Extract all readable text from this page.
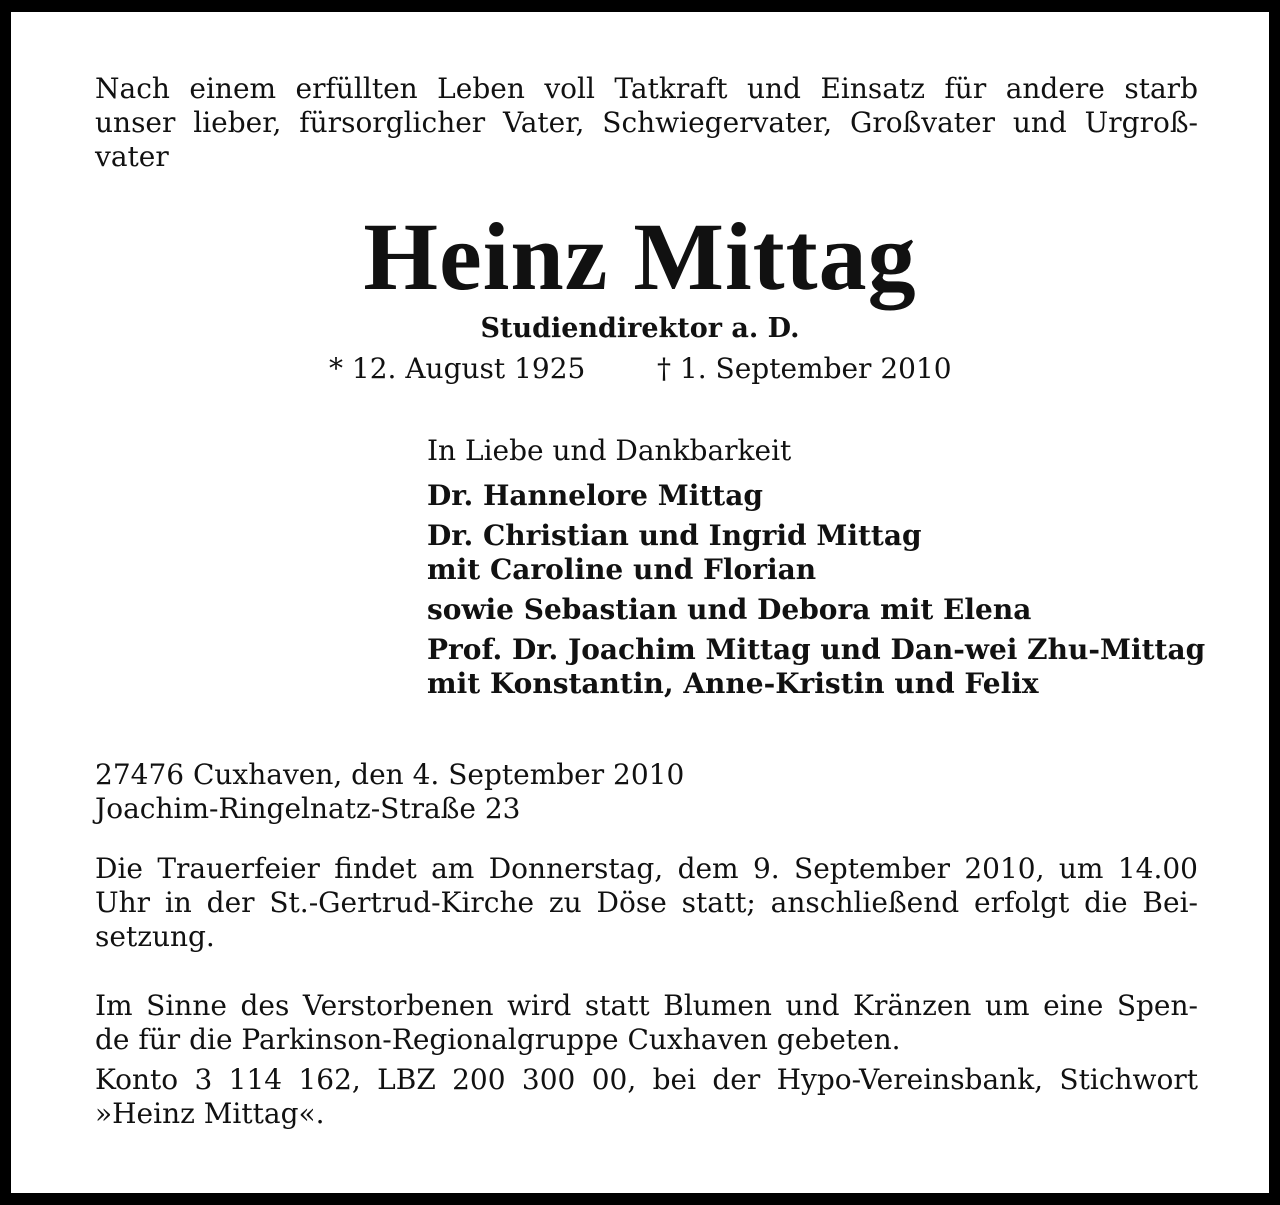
Nach einem erfüllten Leben voll Tatkraft und Einsatz für andere starb
unser lieber, fürsorglicher Vater, Schwiegervater, Großvater und Urgroß-
vater
Heinz Mittag
Studiendirektor a. D.
* 12. August 1925	† 1. September 2010
In Liebe und Dankbarkeit
Dr. Hannelore Mittag
Dr. Christian und Ingrid Mittag
mit Caroline und Florian
sowie Sebastian und Debora mit Elena
Prof. Dr. Joachim Mittag und Dan-wei Zhu-Mittag
mit Konstantin, Anne-Kristin und Felix
27476 Cuxhaven, den 4. September 2010
Joachim-Ringelnatz-Straße 23
Die Trauerfeier findet am Donnerstag, dem 9. September 2010, um 14.00
Uhr in der St.-Gertrud-Kirche zu Döse statt; anschließend erfolgt die Bei-
setzung.
Im Sinne des Verstorbenen wird statt Blumen und Kränzen um eine Spen-
de für die Parkinson-Regionalgruppe Cuxhaven gebeten.
Konto 3 114 162, LBZ 200 300 00, bei der Hypo-Vereinsbank, Stichwort
»Heinz Mittag«.
